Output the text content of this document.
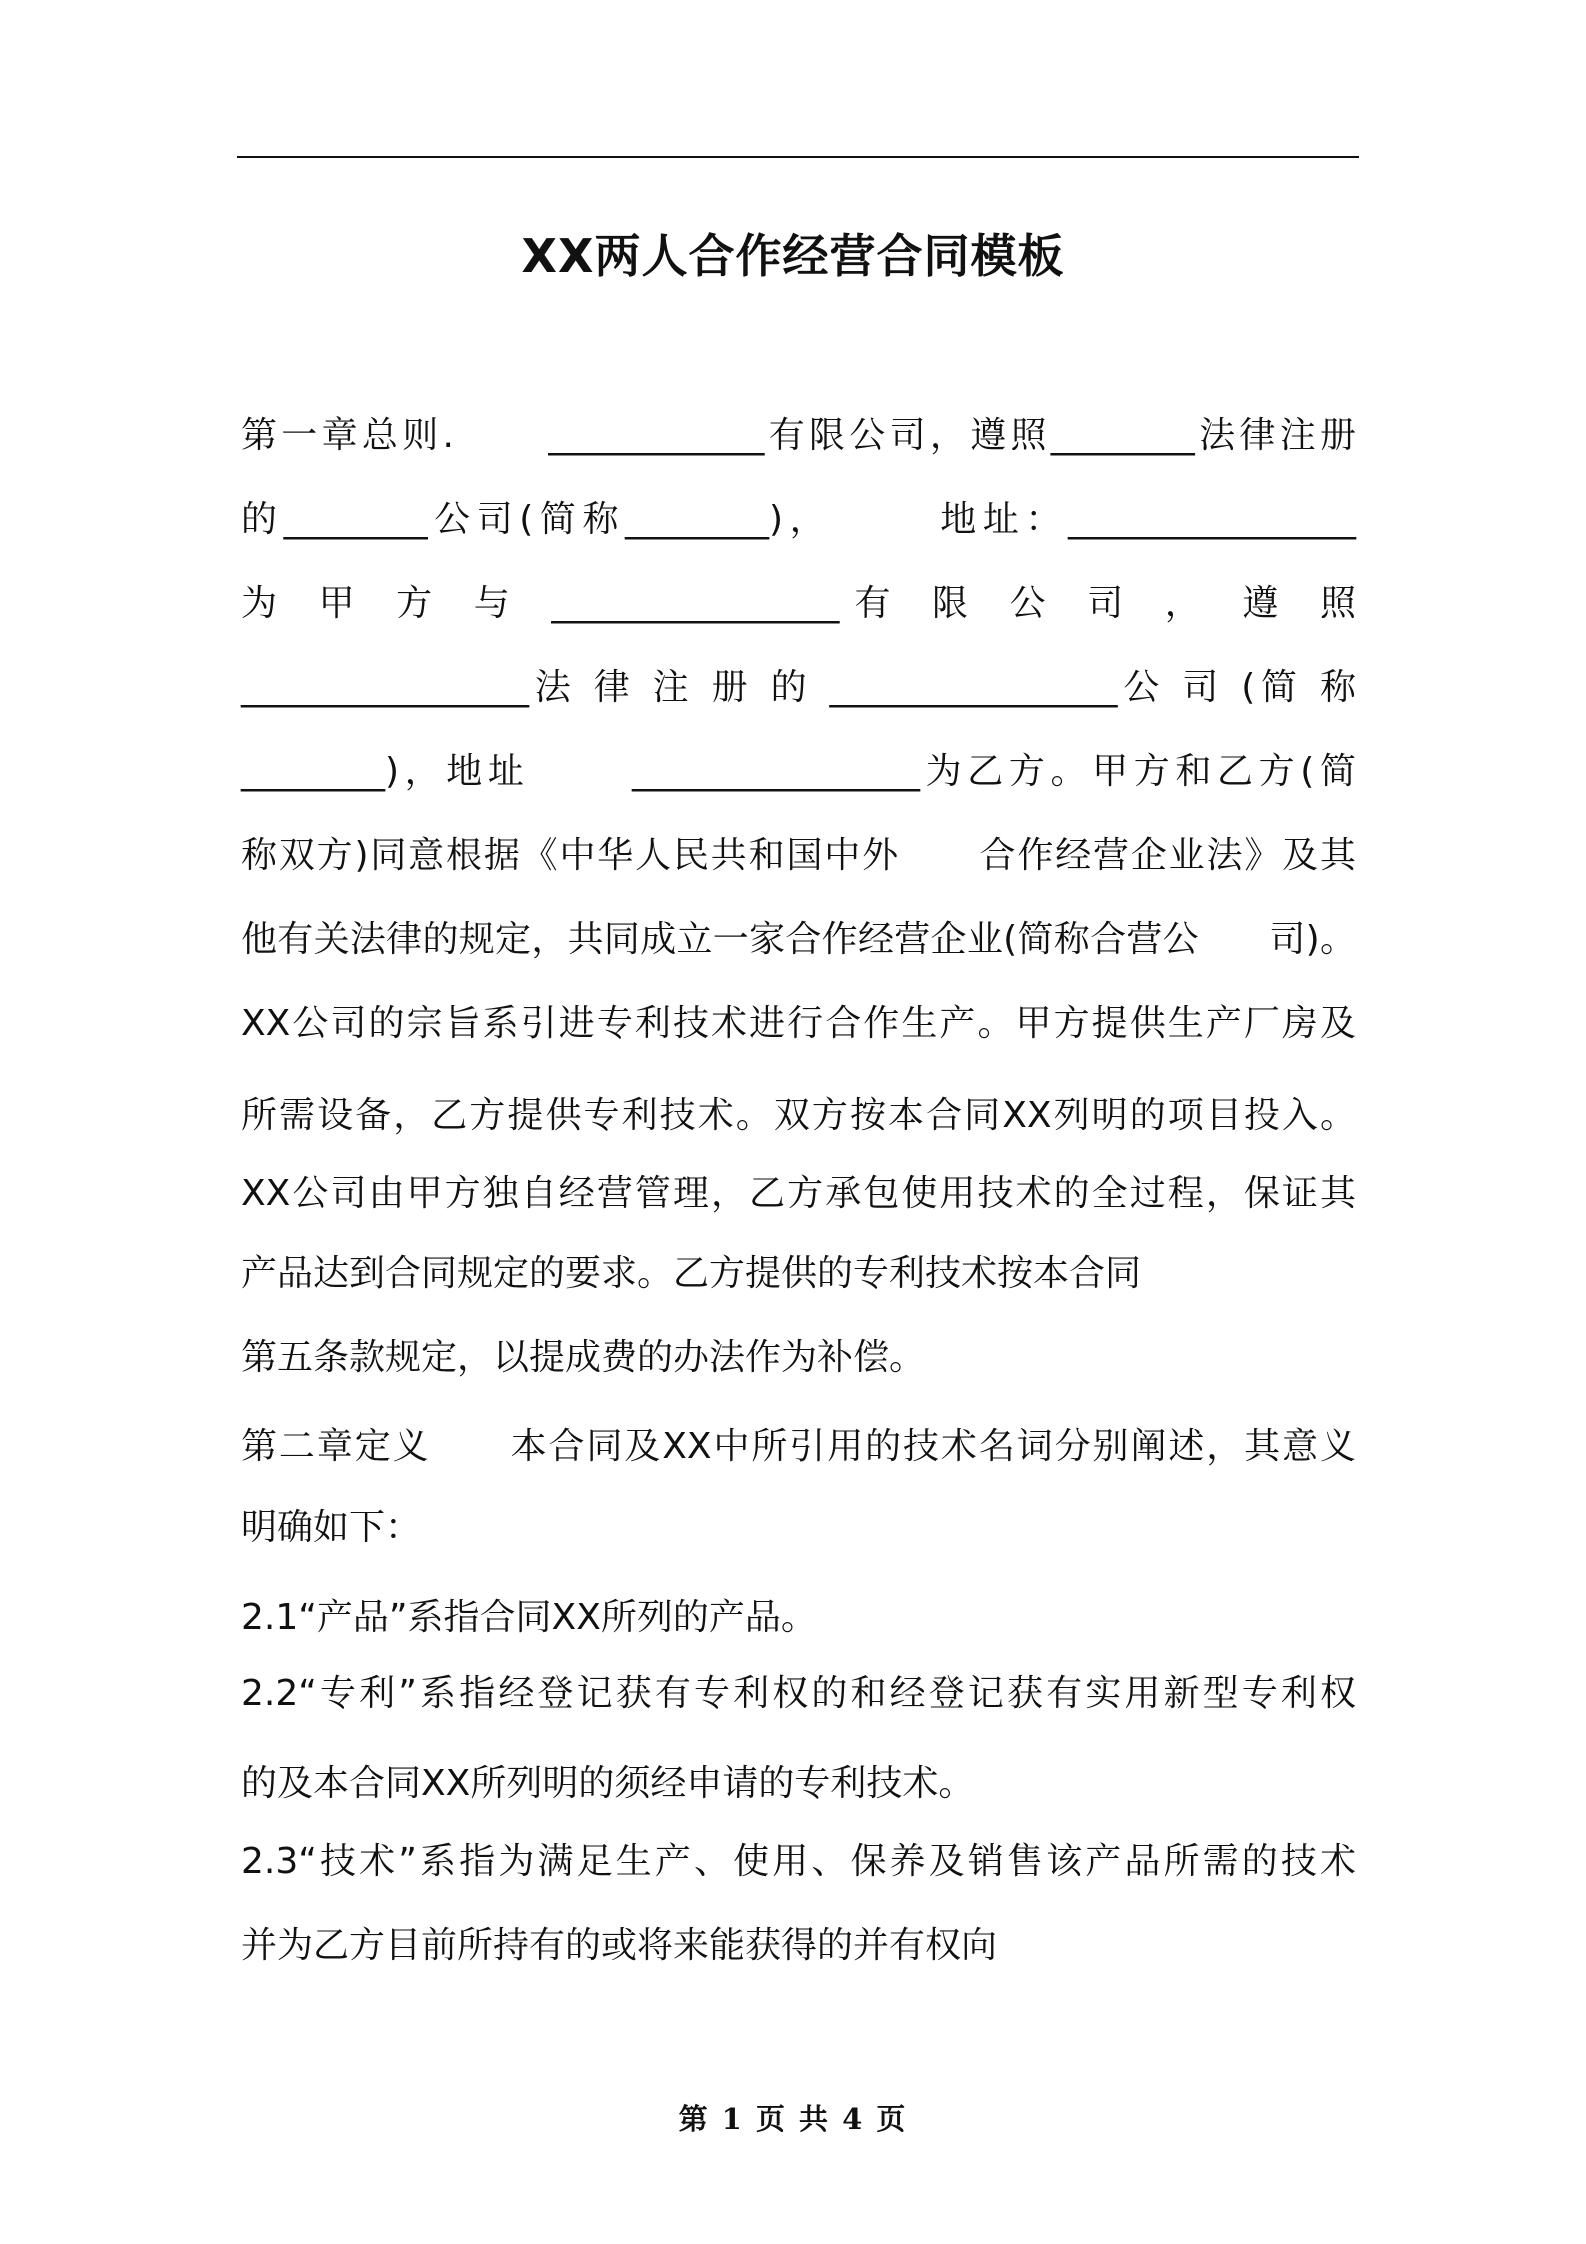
XX两人合作经营合同模板
第一章总则.      ____________有限公司，遵照________法律注册
的________公司(简称________)，      地址：________________
为 甲 方 与 ________________有 限 公 司 ， 遵 照
________________法 律 注 册 的 ________________公 司 (简 称
________)，地址      ________________为乙方。甲方和乙方(简
称双方)同意根据《中华人民共和国中外      合作经营企业法》及其
他有关法律的规定，共同成立一家合作经营企业(简称合营公      司)。
XX公司的宗旨系引进专利技术进行合作生产。甲方提供生产厂房及
所需设备，乙方提供专利技术。双方按本合同XX列明的项目投入。
XX公司由甲方独自经营管理，乙方承包使用技术的全过程，保证其
产品达到合同规定的要求。乙方提供的专利技术按本合同
第五条款规定，以提成费的办法作为补偿。
第二章定义      本合同及XX中所引用的技术名词分别阐述，其意义
明确如下：
2.1“产品”系指合同XX所列的产品。
2.2“专利”系指经登记获有专利权的和经登记获有实用新型专利权
的及本合同XX所列明的须经申请的专利技术。
2.3“技术”系指为满足生产、使用、保养及销售该产品所需的技术
并为乙方目前所持有的或将来能获得的并有权向
第 1 页 共 4 页
